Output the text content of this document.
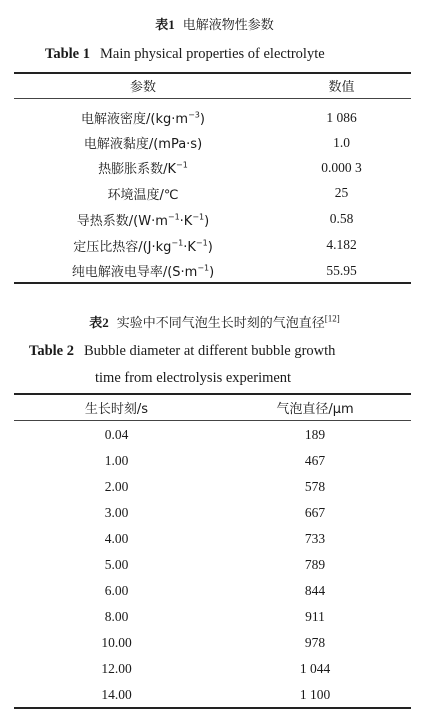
表1 电解液物性参数
Table 1 Main physical properties of electrolyte
参数	数值

电解液密度$/(kg\cdot m^{-3})$	1 086
电解液黏度/(mPa·s)	1.0
热膨胀系数$/K^{-1}$	0.000 3
环境温度/℃	25
导热系数$/(W\cdot m^{-1}\cdot K^{-1})$	0.58
定压比热容$/(J\cdot kg^{-1}\cdot K^{-1})$	4.182
纯电解液电导率$/(S\cdot m^{-1})$	55.95
表2 实验中不同气泡生长时刻的气泡直径[12]
Table 2 Bubble diameter at different bubble growth
time from electrolysis experiment
生长时刻/s	气泡直径/μm

0.04	189
1.00	467
2.00	578
3.00	667
4.00	733
5.00	789
6.00	844
8.00	911
10.00	978
12.00	1 044
14.00	1 100
